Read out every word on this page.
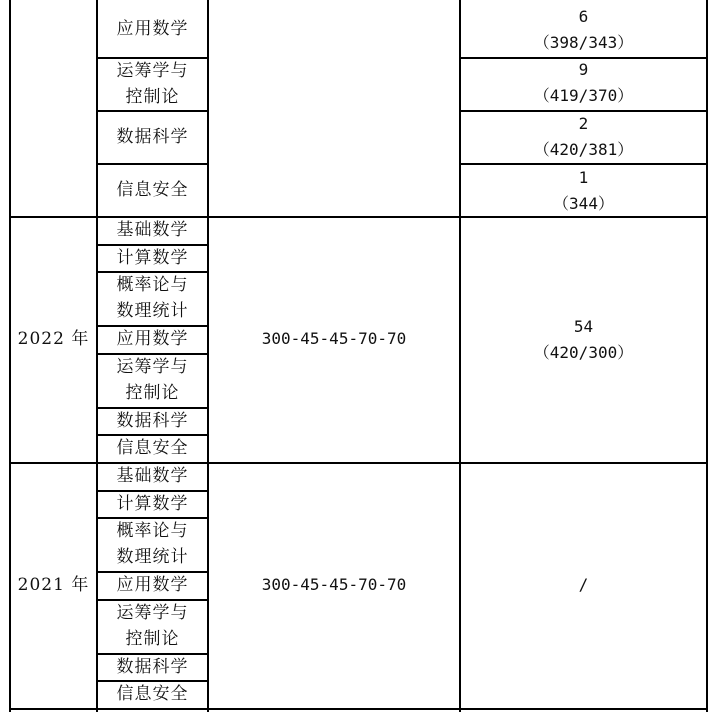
应用数学
运筹学与
控制论
数据科学
信息安全
6
（398/343）
9
（419/370）
2
（420/381）
1
（344）
2022 年
基础数学
计算数学
概率论与
数理统计
应用数学
运筹学与
控制论
数据科学
信息安全
300-45-45-70-70
54
（420/300）
2021 年
基础数学
计算数学
概率论与
数理统计
应用数学
运筹学与
控制论
数据科学
信息安全
300-45-45-70-70	/
